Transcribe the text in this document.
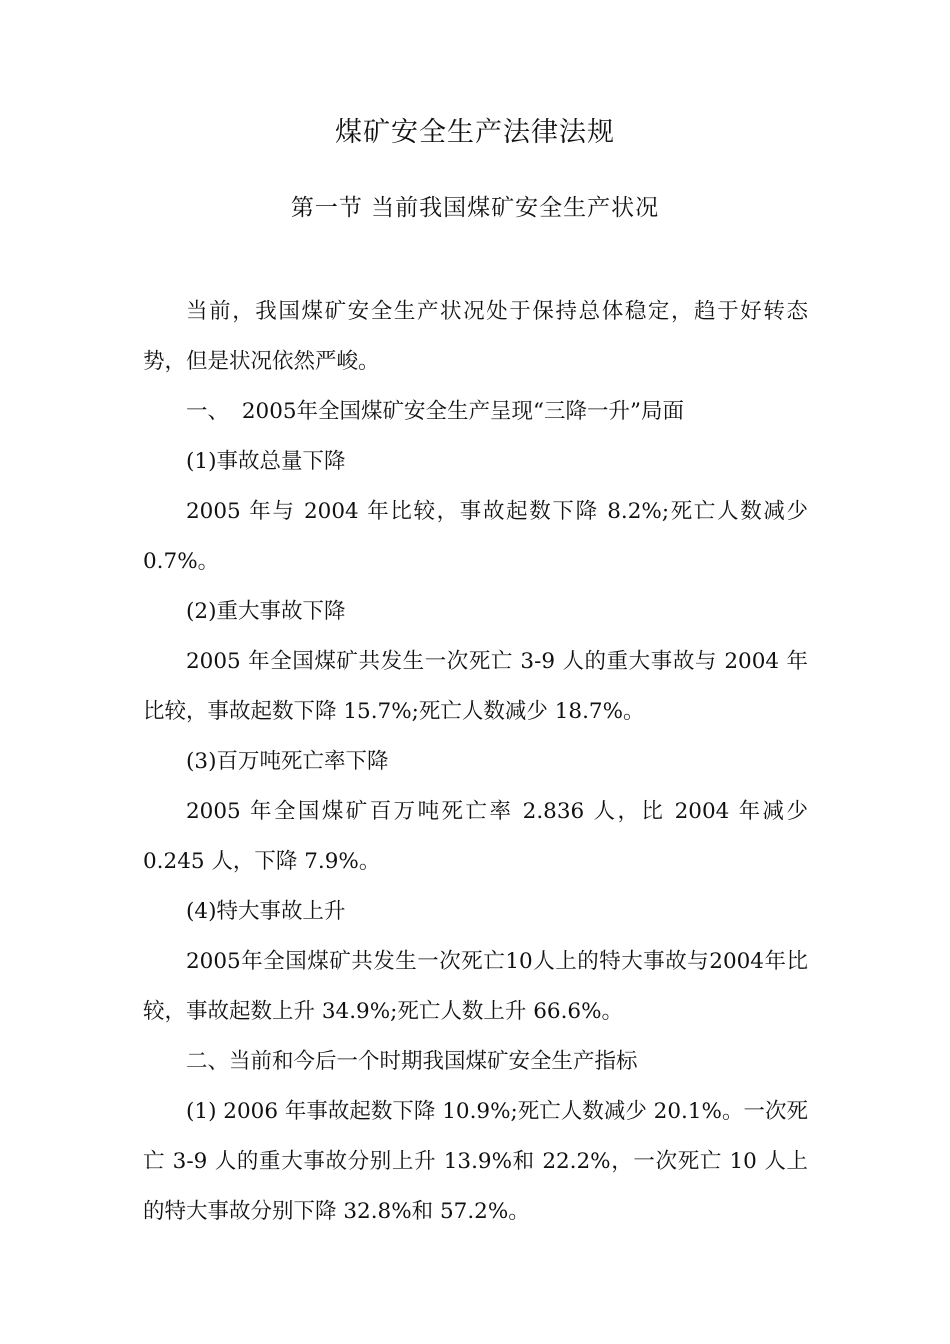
煤矿安全生产法律法规
第一节 当前我国煤矿安全生产状况

当前，我国煤矿安全生产状况处于保持总体稳定，趋于好转态势，但是状况依然严峻。

一、 2005年全国煤矿安全生产呈现“三降一升”局面

(1)事故总量下降

2005 年与 2004 年比较，事故起数下降 8.2%;死亡人数减少 0.7%。

(2)重大事故下降

2005 年全国煤矿共发生一次死亡 3-9 人的重大事故与 2004 年比较，事故起数下降 15.7%;死亡人数减少 18.7%。

(3)百万吨死亡率下降

2005 年全国煤矿百万吨死亡率 2.836 人，比 2004 年减少 0.245 人，下降 7.9%。

(4)特大事故上升

2005年全国煤矿共发生一次死亡10人上的特大事故与2004年比较，事故起数上升 34.9%;死亡人数上升 66.6%。

二、当前和今后一个时期我国煤矿安全生产指标

(1) 2006 年事故起数下降 10.9%;死亡人数减少 20.1%。一次死亡 3-9 人的重大事故分别上升 13.9%和 22.2%，一次死亡 10 人上的特大事故分别下降 32.8%和 57.2%。
